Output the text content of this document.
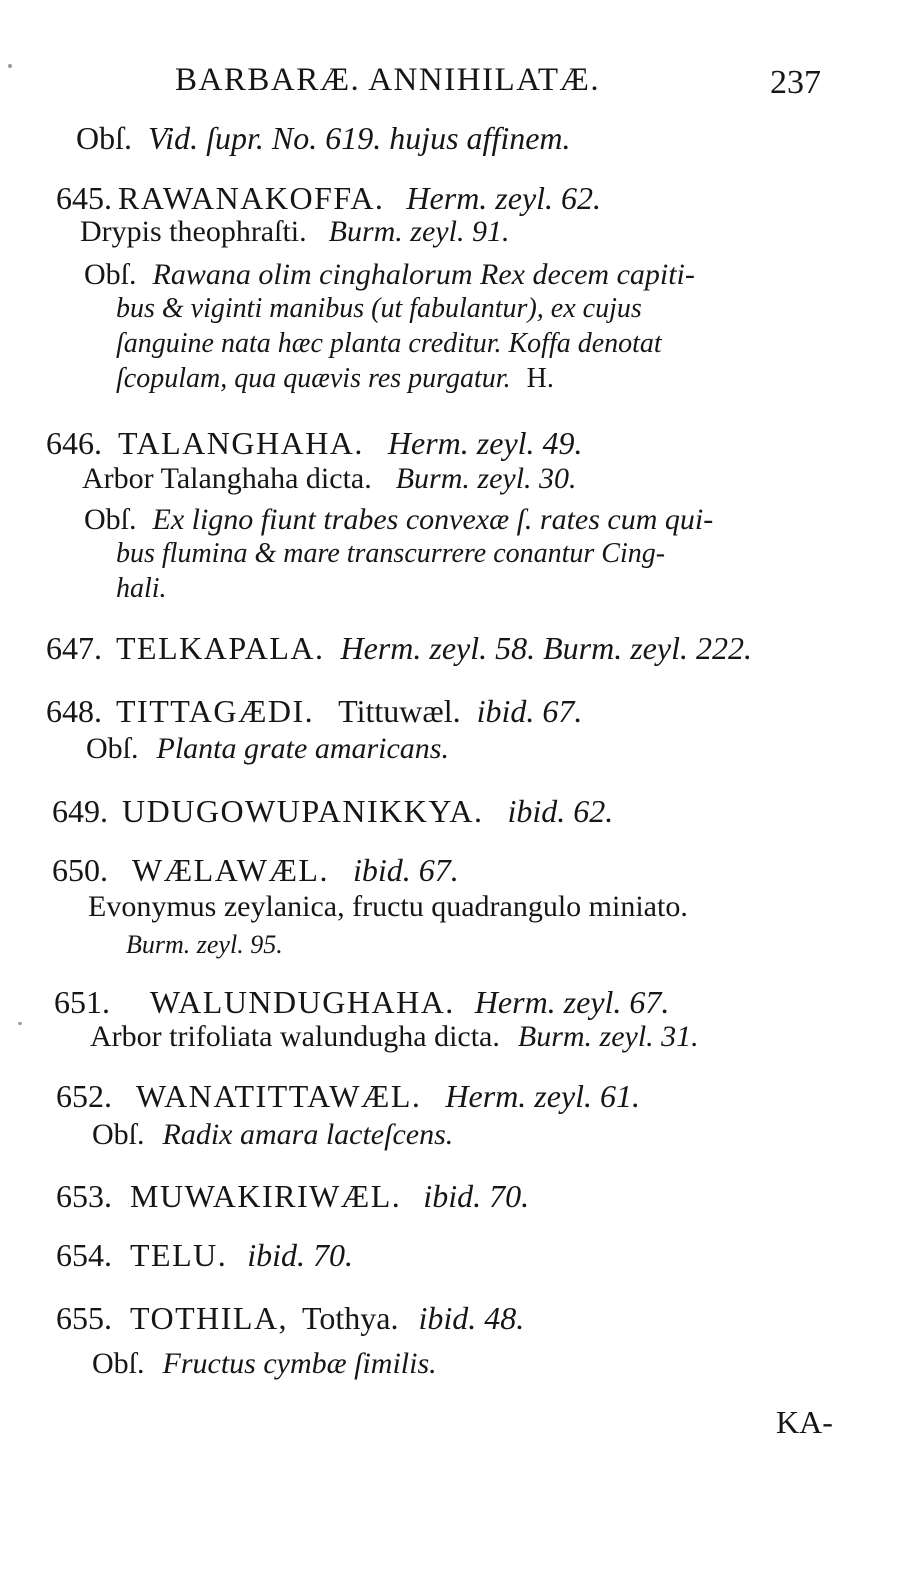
BARBARÆ. ANNIHILATÆ.	237
Obſ. Vid. ſupr. No. 619. hujus affinem.
645. RAWANAKOFFA. Herm. zeyl. 62.
Drypis theophraſti. Burm. zeyl. 91.
Obſ. Rawana olim cinghalorum Rex decem capiti-
bus & viginti manibus (ut fabulantur), ex cujus
ſanguine nata hæc planta creditur. Koffa denotat
ſcopulam, qua quævis res purgatur. H.
646. TALANGHAHA. Herm. zeyl. 49.
Arbor Talanghaha dicta. Burm. zeyl. 30.
Obſ. Ex ligno fiunt trabes convexæ ſ. rates cum qui-
bus flumina & mare transcurrere conantur Cing-
hali.
647. TELKAPALA. Herm. zeyl. 58. Burm. zeyl. 222.
648. TITTAGÆDI. Tittuwæl. ibid. 67.
Obſ. Planta grate amaricans.
649. UDUGOWUPANIKKYA. ibid. 62.
650. WÆLAWÆL. ibid. 67.
Evonymus zeylanica, fructu quadrangulo miniato.
Burm. zeyl. 95.
651. WALUNDUGHAHA. Herm. zeyl. 67.
Arbor trifoliata walundugha dicta. Burm. zeyl. 31.
652. WANATITTAWÆL. Herm. zeyl. 61.
Obſ. Radix amara lacteſcens.
653. MUWAKIRIWÆL. ibid. 70.
654. TELU. ibid. 70.
655. TOTHILA, Tothya. ibid. 48.
Obſ. Fructus cymbæ ſimilis.
KA-
